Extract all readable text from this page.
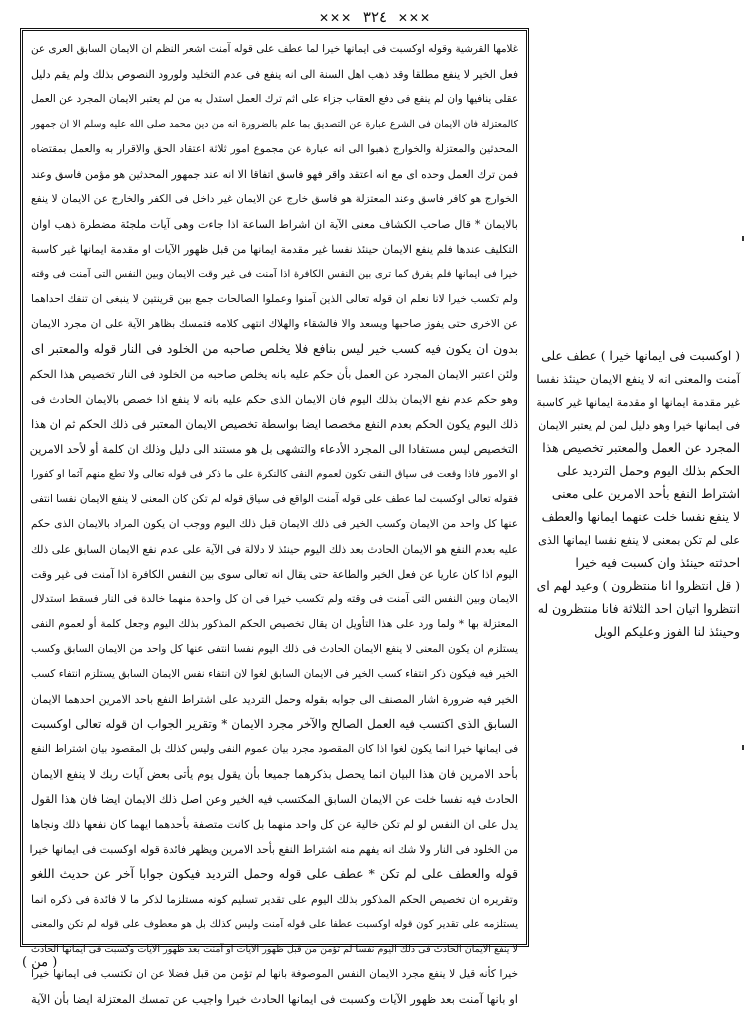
✕✕✕ ٣٢٤ ✕✕✕
غلامها القرشية وقوله اوكسبت فى ايمانها خيرا لما عطف على قوله آمنت اشعر النظم ان الايمان السابق العرى عن
فعل الخير لا ينفع مطلقا وقد ذهب اهل السنة الى انه ينفع فى عدم التخليد ولورود النصوص بذلك ولم يقم دليل
عقلى ينافيها وان لم ينفع فى دفع العقاب جزاء على اثم ترك العمل استدل به من لم يعتبر الايمان المجرد عن العمل
كالمعتزلة فان الايمان فى الشرع عبارة عن التصديق بما علم بالضرورة انه من دين محمد صلى الله عليه وسلم الا ان جمهور
المحدثين والمعتزلة والخوارج ذهبوا الى انه عبارة عن مجموع امور ثلاثة اعتقاد الحق والاقرار به والعمل بمقتضاه
فمن ترك العمل وحده اى مع انه اعتقد واقر فهو فاسق اتفاقا الا انه عند جمهور المحدثين هو مؤمن فاسق وعند
الخوارج هو كافر فاسق وعند المعتزلة هو فاسق خارج عن الايمان غير داخل فى الكفر والخارج عن الايمان لا ينفع
بالايمان * قال صاحب الكشاف معنى الآية ان اشراط الساعة اذا جاءت وهى آيات ملجئة مضطرة ذهب اوان
التكليف عندها فلم ينفع الايمان حينئذ نفسا غير مقدمة ايمانها من قبل ظهور الآيات او مقدمة ايمانها غير كاسبة
خيرا فى ايمانها فلم يفرق كما ترى بين النفس الكافرة اذا آمنت فى غير وقت الايمان وبين النفس التى آمنت فى وقته
ولم تكسب خيرا لانا نعلم ان قوله تعالى الذين آمنوا وعملوا الصالحات جمع بين قرينتين لا ينبغى ان تنفك احداهما
عن الاخرى حتى يفوز صاحبها ويسعد والا فالشقاء والهلاك انتهى كلامه فتمسك بظاهر الآية على ان مجرد الايمان
بدون ان يكون فيه كسب خير ليس بنافع فلا يخلص صاحبه من الخلود فى النار قوله والمعتبر اى
ولئن اعتبر الايمان المجرد عن العمل بأن حكم عليه بانه يخلص صاحبه من الخلود فى النار تخصيص هذا الحكم
وهو حكم عدم نفع الايمان بذلك اليوم فان الايمان الذى حكم عليه بانه لا ينفع اذا خصص بالايمان الحادث فى
ذلك اليوم يكون الحكم بعدم النفع مخصصا ايضا بواسطة تخصيص الايمان المعتبر فى ذلك الحكم ثم ان هذا
التخصيص ليس مستفادا الى المجرد الأدعاء والتشهى بل هو مستند الى دليل وذلك ان كلمة أو لأحد الامرين
او الامور فاذا وقعت فى سياق النفى تكون لعموم النفى كالنكرة على ما ذكر فى قوله تعالى ولا تطع منهم آثما او كفورا
فقوله تعالى اوكسبت لما عطف على قوله آمنت الواقع فى سياق قوله لم تكن كان المعنى لا ينفع الايمان نفسا انتفى
عنها كل واحد من الايمان وكسب الخير فى ذلك الايمان قبل ذلك اليوم ووجب ان يكون المراد بالايمان الذى حكم
عليه بعدم النفع هو الايمان الحادث بعد ذلك اليوم حينئذ لا دلالة فى الآية على عدم نفع الايمان السابق على ذلك
اليوم اذا كان عاريا عن فعل الخير والطاعة حتى يقال انه تعالى سوى بين النفس الكافرة اذا آمنت فى غير وقت
الايمان وبين النفس التى آمنت فى وقته ولم تكسب خيرا فى ان كل واحدة منهما خالدة فى النار فسقط استدلال
المعتزلة بها * ولما ورد على هذا التأويل ان يقال تخصيص الحكم المذكور بذلك اليوم وجعل كلمة أو لعموم النفى
يستلزم ان يكون المعنى لا ينفع الايمان الحادث فى ذلك اليوم نفسا انتفى عنها كل واحد من الايمان السابق وكسب
الخير فيه فيكون ذكر انتفاء كسب الخير فى الايمان السابق لغوا لان انتفاء نفس الايمان السابق يستلزم انتفاء كسب
الخير فيه ضرورة اشار المصنف الى جوابه بقوله وحمل الترديد على اشتراط النفع باحد الامرين احدهما الايمان
السابق الذى اكتسب فيه العمل الصالح والآخر مجرد الايمان * وتقرير الجواب ان قوله تعالى اوكسبت
فى ايمانها خيرا انما يكون لغوا اذا كان المقصود مجرد بيان عموم النفى وليس كذلك بل المقصود بيان اشتراط النفع
بأحد الامرين فان هذا البيان انما يحصل بذكرهما جميعا بأن يقول يوم يأتى بعض آيات ربك لا ينفع الايمان
الحادث فيه نفسا خلت عن الايمان السابق المكتسب فيه الخير وعن اصل ذلك الايمان ايضا فان هذا القول
يدل على ان النفس لو لم تكن خالية عن كل واحد منهما بل كانت متصفة بأحدهما ايهما كان نفعها ذلك ونجاها
من الخلود فى النار ولا شك انه يفهم منه اشتراط النفع بأحد الامرين ويظهر فائدة قوله اوكسبت فى ايمانها خيرا
قوله والعطف على لم تكن * عطف على قوله وحمل الترديد فيكون جوابا آخر عن حديث اللغو
وتقريره ان تخصيص الحكم المذكور بذلك اليوم على تقدير تسليم كونه مستلزما لذكر ما لا فائدة فى ذكره انما
يستلزمه على تقدير كون قوله اوكسبت عطفا على قوله آمنت وليس كذلك بل هو معطوف على قوله لم تكن والمعنى
لا ينفع الايمان الحادث فى ذلك اليوم نفسا لم تؤمن من قبل ظهور الآيات او آمنت بعد ظهور الآيات وكسبت فى ايمانها الحادث
خيرا كأنه قيل لا ينفع مجرد الايمان النفس الموصوفة بانها لم تؤمن من قبل فضلا عن ان تكتسب فى ايمانها خيرا
او بانها آمنت بعد ظهور الآيات وكسبت فى ايمانها الحادث خيرا واجيب عن تمسك المعتزلة ايضا بأن الآية
( اوكسبت فى ايمانها خيرا ) عطف على
آمنت والمعنى انه لا ينفع الايمان حينئذ نفسا
غير مقدمة ايمانها او مقدمة ايمانها غير كاسبة
فى ايمانها خيرا وهو دليل لمن لم يعتبر الايمان
المجرد عن العمل والمعتبر تخصيص هذا
الحكم بذلك اليوم وحمل الترديد على
اشتراط النفع بأحد الامرين على معنى
لا ينفع نفسا خلت عنهما ايمانها والعطف
على لم تكن بمعنى لا ينفع نفسا ايمانها الذى
احدثته حينئذ وان كسبت فيه خيرا
( قل انتظروا انا منتظرون ) وعيد لهم اى
انتظروا اتيان احد الثلاثة فانا منتظرون له
وحينئذ لنا الفوز وعليكم الويل
( من )
